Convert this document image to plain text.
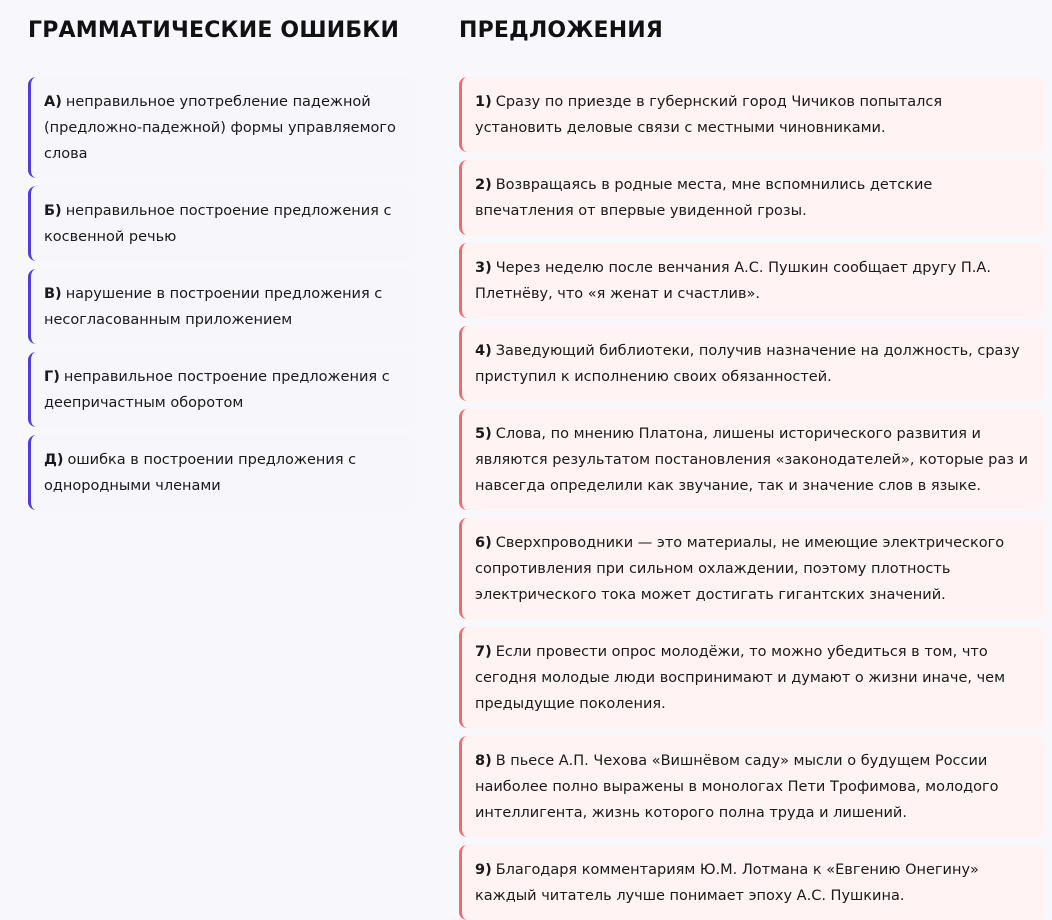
ГРАММАТИЧЕСКИЕ ОШИБКИ
А) неправильное употребление падежной (предложно-падежной) формы управляемого слова
Б) неправильное построение предложения с косвенной речью
В) нарушение в построении предложения с несогласованным приложением
Г) неправильное построение предложения с деепричастным оборотом
Д) ошибка в построении предложения с однородными членами
ПРЕДЛОЖЕНИЯ
1) Сразу по приезде в губернский город Чичиков попытался установить деловые связи с местными чиновниками.
2) Возвращаясь в родные места, мне вспомнились детские впечатления от впервые увиденной грозы.
3) Через неделю после венчания А.С. Пушкин сообщает другу П.А. Плетнёву, что «я женат и счастлив».
4) Заведующий библиотеки, получив назначение на должность, сразу приступил к исполнению своих обязанностей.
5) Слова, по мнению Платона, лишены исторического развития и являются результатом постановления «законодателей», которые раз и навсегда определили как звучание, так и значение слов в языке.
6) Сверхпроводники — это материалы, не имеющие электрического сопротивления при сильном охлаждении, поэтому плотность электрического тока может достигать гигантских значений.
7) Если провести опрос молодёжи, то можно убедиться в том, что сегодня молодые люди воспринимают и думают о жизни иначе, чем предыдущие поколения.
8) В пьесе А.П. Чехова «Вишнёвом саду» мысли о будущем России наиболее полно выражены в монологах Пети Трофимова, молодого интеллигента, жизнь которого полна труда и лишений.
9) Благодаря комментариям Ю.М. Лотмана к «Евгению Онегину» каждый читатель лучше понимает эпоху А.С. Пушкина.
